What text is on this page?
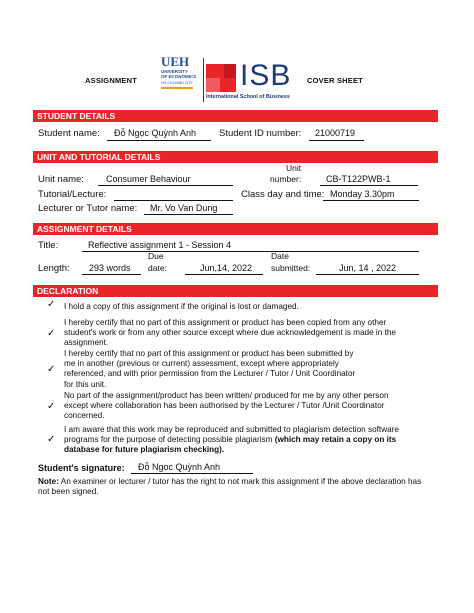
ASSIGNMENT
UEH
UNIVERSITY
OF ECONOMICS
HO CHI MINH CITY ISB
International School of Business
COVER SHEET
STUDENT DETAILS
Student name: Đỗ Ngọc Quỳnh Anh Student ID number: 21000719
UNIT AND TUTORIAL DETAILS
Unit name: Consumer Behaviour
Unit
number:	CB-T122PWB-1
Tutorial/Lecture:	Class day and time: Monday 3.30pm
Lecturer or Tutor name: Mr. Vo Van Dung
ASSIGNMENT DETAILS
Title:	Reflective assignment 1 - Session 4
Due	Date
Length: 293 words date:	Jun,14, 2022 submitted:	Jun, 14 , 2022
DECLARATION
✓ I hold a copy of this assignment if the original is lost or damaged.
✓
I hereby certify that no part of this assignment or product has been copied from any other student's work or from any other source except where due acknowledgement is made in the assignment.
✓
I hereby certify that no part of this assignment or product has been submitted by me in another (previous or current) assessment, except where appropriately referenced, and with prior permission from the Lecturer / Tutor / Unit Coordinator for this unit.
✓
No part of the assignment/product has been written/ produced for me by any other person except where collaboration has been authorised by the Lecturer / Tutor /Unit Coordinator concerned.
✓
I am aware that this work may be reproduced and submitted to plagiarism detection software programs for the purpose of detecting possible plagiarism (which may retain a copy on its database for future plagiarism checking).
Student's signature: Đỗ Ngọc Quỳnh Anh
Note: An examiner or lecturer / tutor has the right to not mark this assignment if the above declaration has not been signed.
